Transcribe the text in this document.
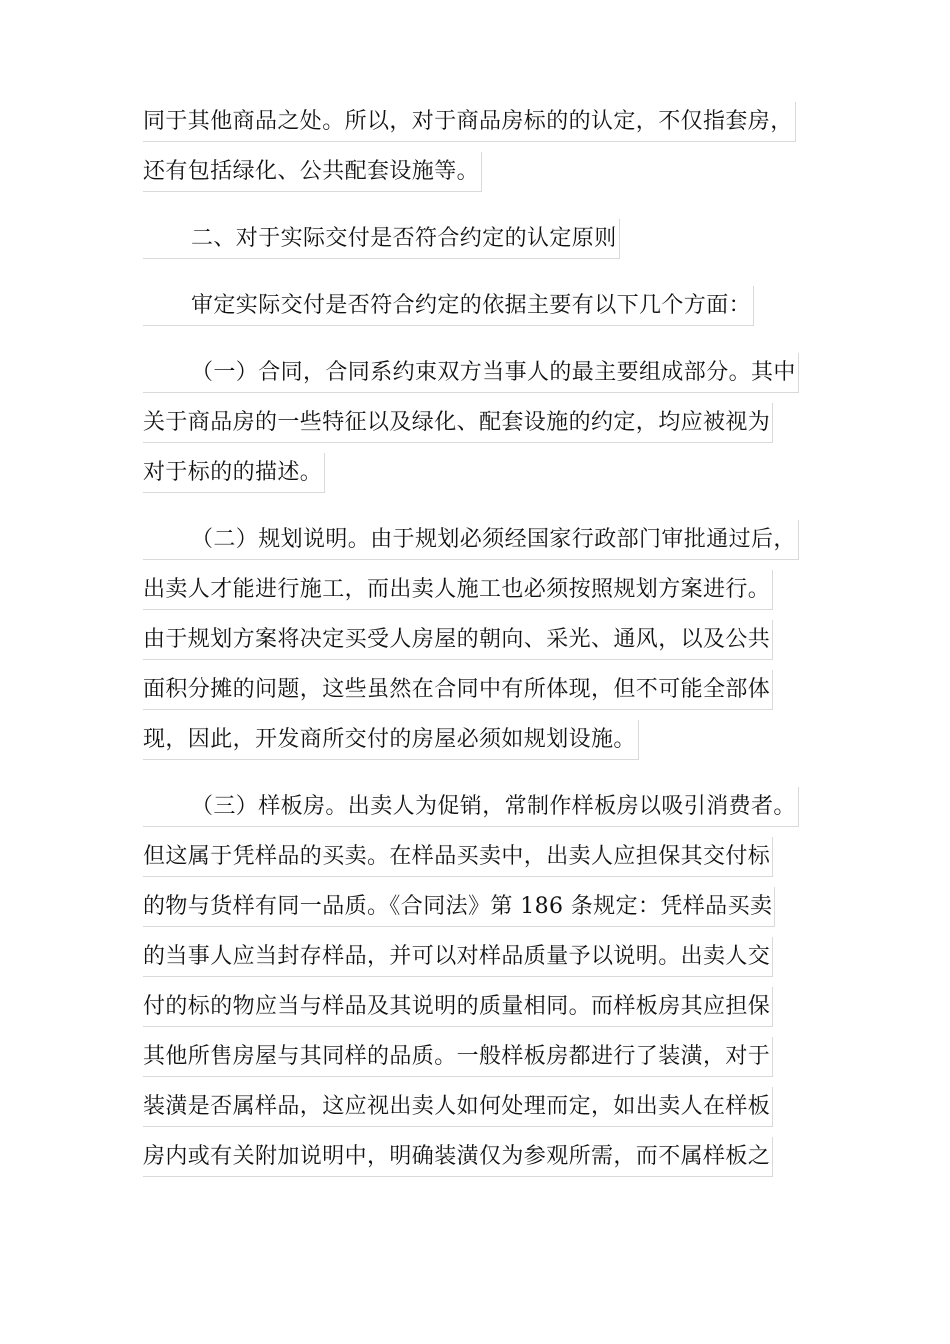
同于其他商品之处。所以，对于商品房标的的认定，不仅指套房，
还有包括绿化、公共配套设施等。
二、对于实际交付是否符合约定的认定原则
审定实际交付是否符合约定的依据主要有以下几个方面：
（一）合同，合同系约束双方当事人的最主要组成部分。其中
关于商品房的一些特征以及绿化、配套设施的约定，均应被视为
对于标的的描述。
（二）规划说明。由于规划必须经国家行政部门审批通过后，
出卖人才能进行施工，而出卖人施工也必须按照规划方案进行。
由于规划方案将决定买受人房屋的朝向、采光、通风，以及公共
面积分摊的问题，这些虽然在合同中有所体现，但不可能全部体
现，因此，开发商所交付的房屋必须如规划设施。
（三）样板房。出卖人为促销，常制作样板房以吸引消费者。
但这属于凭样品的买卖。在样品买卖中，出卖人应担保其交付标
的物与货样有同一品质。《合同法》第 186 条规定：凭样品买卖
的当事人应当封存样品，并可以对样品质量予以说明。出卖人交
付的标的物应当与样品及其说明的质量相同。而样板房其应担保
其他所售房屋与其同样的品质。一般样板房都进行了装潢，对于
装潢是否属样品，这应视出卖人如何处理而定，如出卖人在样板
房内或有关附加说明中，明确装潢仅为参观所需，而不属样板之
